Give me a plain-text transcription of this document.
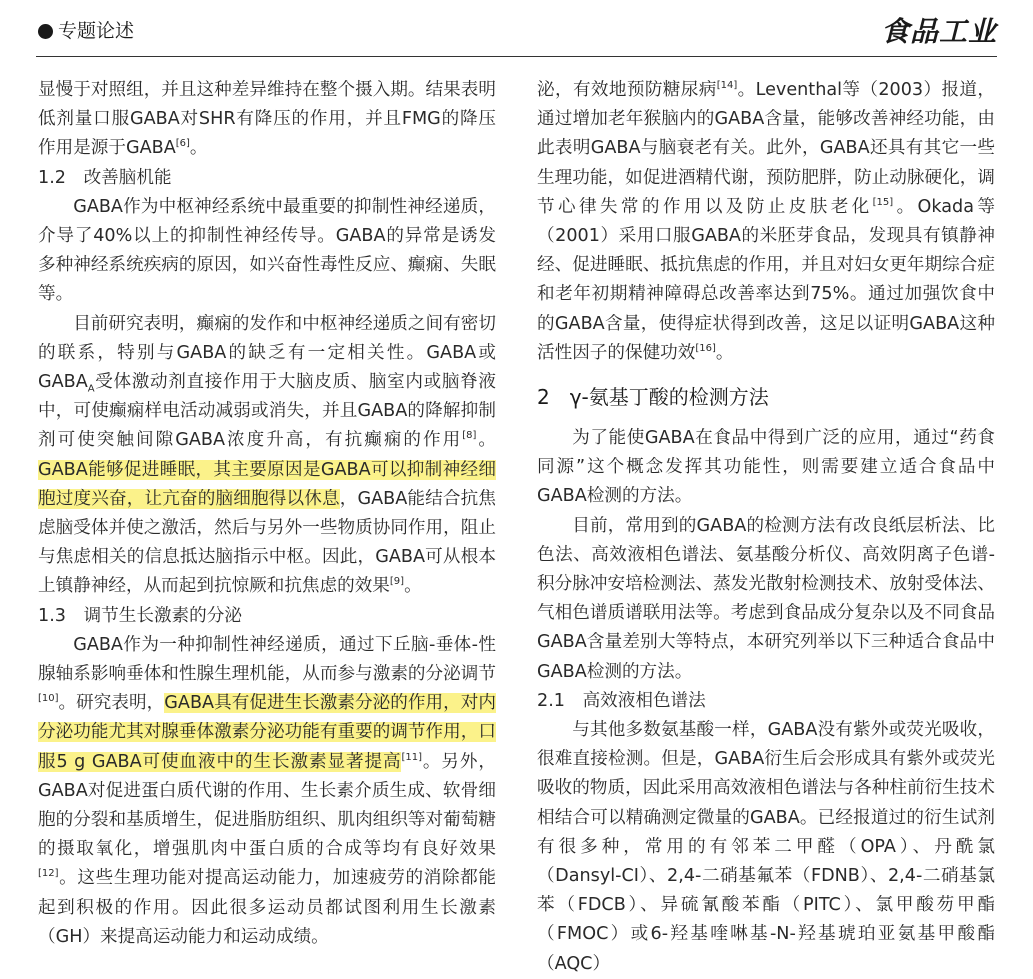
专题论述	食品工业

显慢于对照组，并且这种差异维持在整个摄入期。结果表明低剂量口服GABA对SHR有降压的作用，并且FMG的降压作用是源于GABA[6]。

1.2　改善脑机能

GABA作为中枢神经系统中最重要的抑制性神经递质，介导了40%以上的抑制性神经传导。GABA的异常是诱发多种神经系统疾病的原因，如兴奋性毒性反应、癫痫、失眠等。

目前研究表明，癫痫的发作和中枢神经递质之间有密切的联系，特别与GABA的缺乏有一定相关性。GABA或$GABA_A$受体激动剂直接作用于大脑皮质、脑室内或脑脊液中，可使癫痫样电活动减弱或消失，并且GABA的降解抑制剂可使突触间隙GABA浓度升高，有抗癫痫的作用[8]。GABA能够促进睡眠，其主要原因是GABA可以抑制神经细胞过度兴奋，让亢奋的脑细胞得以休息，GABA能结合抗焦虑脑受体并使之激活，然后与另外一些物质协同作用，阻止与焦虑相关的信息抵达脑指示中枢。因此，GABA可从根本上镇静神经，从而起到抗惊厥和抗焦虑的效果[9]。

1.3　调节生长激素的分泌

GABA作为一种抑制性神经递质，通过下丘脑-垂体-性腺轴系影响垂体和性腺生理机能，从而参与激素的分泌调节[10]。研究表明，GABA具有促进生长激素分泌的作用，对内分泌功能尤其对腺垂体激素分泌功能有重要的调节作用，口服5 g GABA可使血液中的生长激素显著提高[11]。另外，GABA对促进蛋白质代谢的作用、生长素介质生成、软骨细胞的分裂和基质增生，促进脂肪组织、肌肉组织等对葡萄糖的摄取氧化，增强肌肉中蛋白质的合成等均有良好效果[12]。这些生理功能对提高运动能力，加速疲劳的消除都能起到积极的作用。因此很多运动员都试图利用生长激素（GH）来提高运动能力和运动成绩。

泌，有效地预防糖尿病[14]。Leventhal等（2003）报道，通过增加老年猴脑内的GABA含量，能够改善神经功能，由此表明GABA与脑衰老有关。此外，GABA还具有其它一些生理功能，如促进酒精代谢，预防肥胖，防止动脉硬化，调节心律失常的作用以及防止皮肤老化[15]。Okada等（2001）采用口服GABA的米胚芽食品，发现具有镇静神经、促进睡眠、抵抗焦虑的作用，并且对妇女更年期综合症和老年初期精神障碍总改善率达到75%。通过加强饮食中的GABA含量，使得症状得到改善，这足以证明GABA这种活性因子的保健功效[16]。

2　γ-氨基丁酸的检测方法

为了能使GABA在食品中得到广泛的应用，通过“药食同源”这个概念发挥其功能性，则需要建立适合食品中GABA检测的方法。

目前，常用到的GABA的检测方法有改良纸层析法、比色法、高效液相色谱法、氨基酸分析仪、高效阴离子色谱-积分脉冲安培检测法、蒸发光散射检测技术、放射受体法、气相色谱质谱联用法等。考虑到食品成分复杂以及不同食品GABA含量差别大等特点，本研究列举以下三种适合食品中GABA检测的方法。

2.1　高效液相色谱法

与其他多数氨基酸一样，GABA没有紫外或荧光吸收，很难直接检测。但是，GABA衍生后会形成具有紫外或荧光吸收的物质，因此采用高效液相色谱法与各种柱前衍生技术相结合可以精确测定微量的GABA。已经报道过的衍生试剂有很多种，常用的有邻苯二甲醛（OPA）、丹酰氯（Dansyl-CI）、2,4-二硝基氟苯（FDNB）、2,4-二硝基氯苯（FDCB）、异硫氰酸苯酯（PITC）、氯甲酸芴甲酯（FMOC）或6-羟基喹啉基-N-羟基琥珀亚氨基甲酸酯（AQC）
